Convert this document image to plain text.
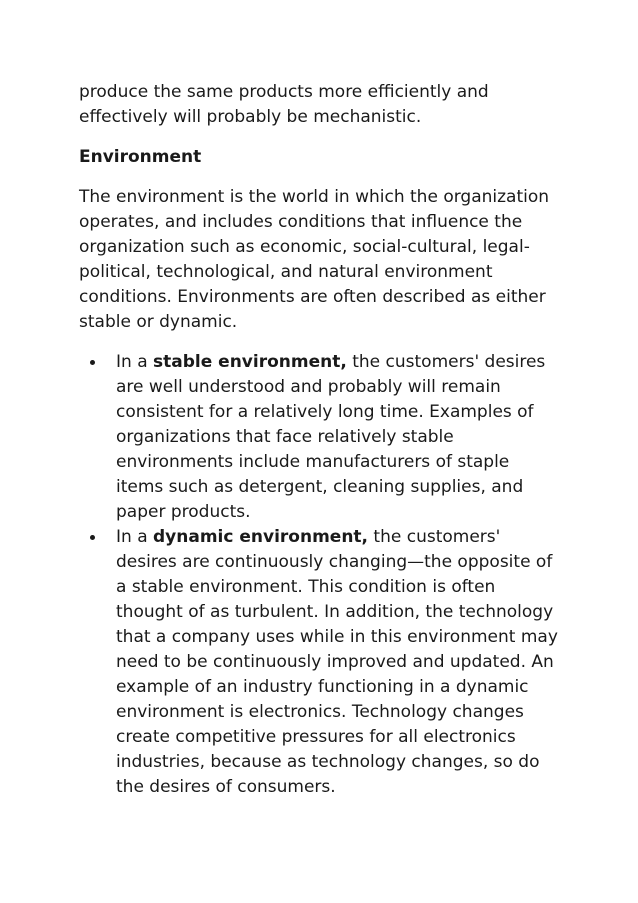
produce the same products more efficiently and effectively will probably be mechanistic.

Environment

The environment is the world in which the organization operates, and includes conditions that influence the organization such as economic, social-cultural, legal-political, technological, and natural environment conditions. Environments are often described as either stable or dynamic.

In a stable environment, the customers' desires are well understood and probably will remain consistent for a relatively long time. Examples of organizations that face relatively stable environments include manufacturers of staple items such as detergent, cleaning supplies, and paper products.
In a dynamic environment, the customers' desires are continuously changing—the opposite of a stable environment. This condition is often thought of as turbulent. In addition, the technology that a company uses while in this environment may need to be continuously improved and updated. An example of an industry functioning in a dynamic environment is electronics. Technology changes create competitive pressures for all electronics industries, because as technology changes, so do the desires of consumers.
